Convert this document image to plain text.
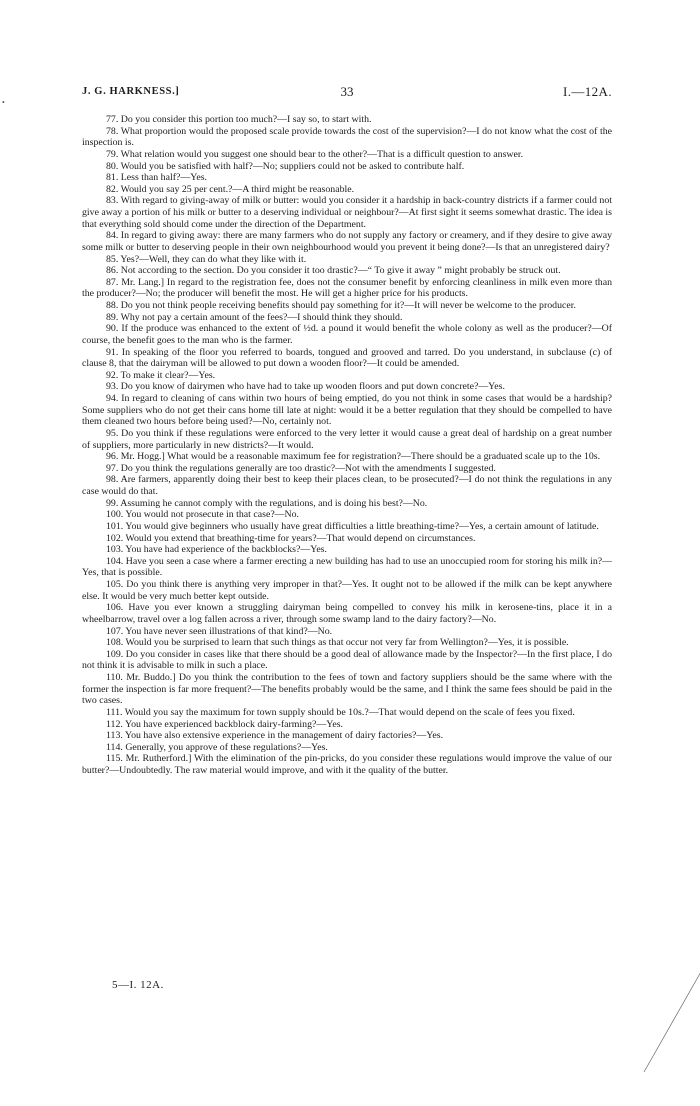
•
J. G. HARKNESS.]	33	I.—12A.

77. Do you consider this portion too much?—I say so, to start with.

78. What proportion would the proposed scale provide towards the cost of the supervision?—I do not know what the cost of the inspection is.

79. What relation would you suggest one should bear to the other?—That is a difficult question to answer.

80. Would you be satisfied with half?—No; suppliers could not be asked to contribute half.

81. Less than half?—Yes.

82. Would you say 25 per cent.?—A third might be reasonable.

83. With regard to giving-away of milk or butter: would you consider it a hardship in back-country districts if a farmer could not give away a portion of his milk or butter to a deserving individual or neighbour?—At first sight it seems somewhat drastic. The idea is that everything sold should come under the direction of the Department.

84. In regard to giving away: there are many farmers who do not supply any factory or creamery, and if they desire to give away some milk or butter to deserving people in their own neighbourhood would you prevent it being done?—Is that an unregistered dairy?

85. Yes?—Well, they can do what they like with it.

86. Not according to the section. Do you consider it too drastic?—“ To give it away ” might probably be struck out.

87. Mr. Lang.] In regard to the registration fee, does not the consumer benefit by enforcing cleanliness in milk even more than the producer?—No; the producer will benefit the most. He will get a higher price for his products.

88. Do you not think people receiving benefits should pay something for it?—It will never be welcome to the producer.

89. Why not pay a certain amount of the fees?—I should think they should.

90. If the produce was enhanced to the extent of ½d. a pound it would benefit the whole colony as well as the producer?—Of course, the benefit goes to the man who is the farmer.

91. In speaking of the floor you referred to boards, tongued and grooved and tarred. Do you understand, in subclause (c) of clause 8, that the dairyman will be allowed to put down a wooden floor?—It could be amended.

92. To make it clear?—Yes.

93. Do you know of dairymen who have had to take up wooden floors and put down concrete?—Yes.

94. In regard to cleaning of cans within two hours of being emptied, do you not think in some cases that would be a hardship? Some suppliers who do not get their cans home till late at night: would it be a better regulation that they should be compelled to have them cleaned two hours before being used?—No, certainly not.

95. Do you think if these regulations were enforced to the very letter it would cause a great deal of hardship on a great number of suppliers, more particularly in new districts?—It would.

96. Mr. Hogg.] What would be a reasonable maximum fee for registration?—There should be a graduated scale up to the 10s.

97. Do you think the regulations generally are too drastic?—Not with the amendments I suggested.

98. Are farmers, apparently doing their best to keep their places clean, to be prosecuted?—I do not think the regulations in any case would do that.

99. Assuming he cannot comply with the regulations, and is doing his best?—No.

100. You would not prosecute in that case?—No.

101. You would give beginners who usually have great difficulties a little breathing-time?—Yes, a certain amount of latitude.

102. Would you extend that breathing-time for years?—That would depend on circumstances.

103. You have had experience of the backblocks?—Yes.

104. Have you seen a case where a farmer erecting a new building has had to use an unoccupied room for storing his milk in?—Yes, that is possible.

105. Do you think there is anything very improper in that?—Yes. It ought not to be allowed if the milk can be kept anywhere else. It would be very much better kept outside.

106. Have you ever known a struggling dairyman being compelled to convey his milk in kerosene-tins, place it in a wheelbarrow, travel over a log fallen across a river, through some swamp land to the dairy factory?—No.

107. You have never seen illustrations of that kind?—No.

108. Would you be surprised to learn that such things as that occur not very far from Wellington?—Yes, it is possible.

109. Do you consider in cases like that there should be a good deal of allowance made by the Inspector?—In the first place, I do not think it is advisable to milk in such a place.

110. Mr. Buddo.] Do you think the contribution to the fees of town and factory suppliers should be the same where with the former the inspection is far more frequent?—The benefits probably would be the same, and I think the same fees should be paid in the two cases.

111. Would you say the maximum for town supply should be 10s.?—That would depend on the scale of fees you fixed.

112. You have experienced backblock dairy-farming?—Yes.

113. You have also extensive experience in the management of dairy factories?—Yes.

114. Generally, you approve of these regulations?—Yes.

115. Mr. Rutherford.] With the elimination of the pin-pricks, do you consider these regulations would improve the value of our butter?—Undoubtedly. The raw material would improve, and with it the quality of the butter.

5—I. 12A.
